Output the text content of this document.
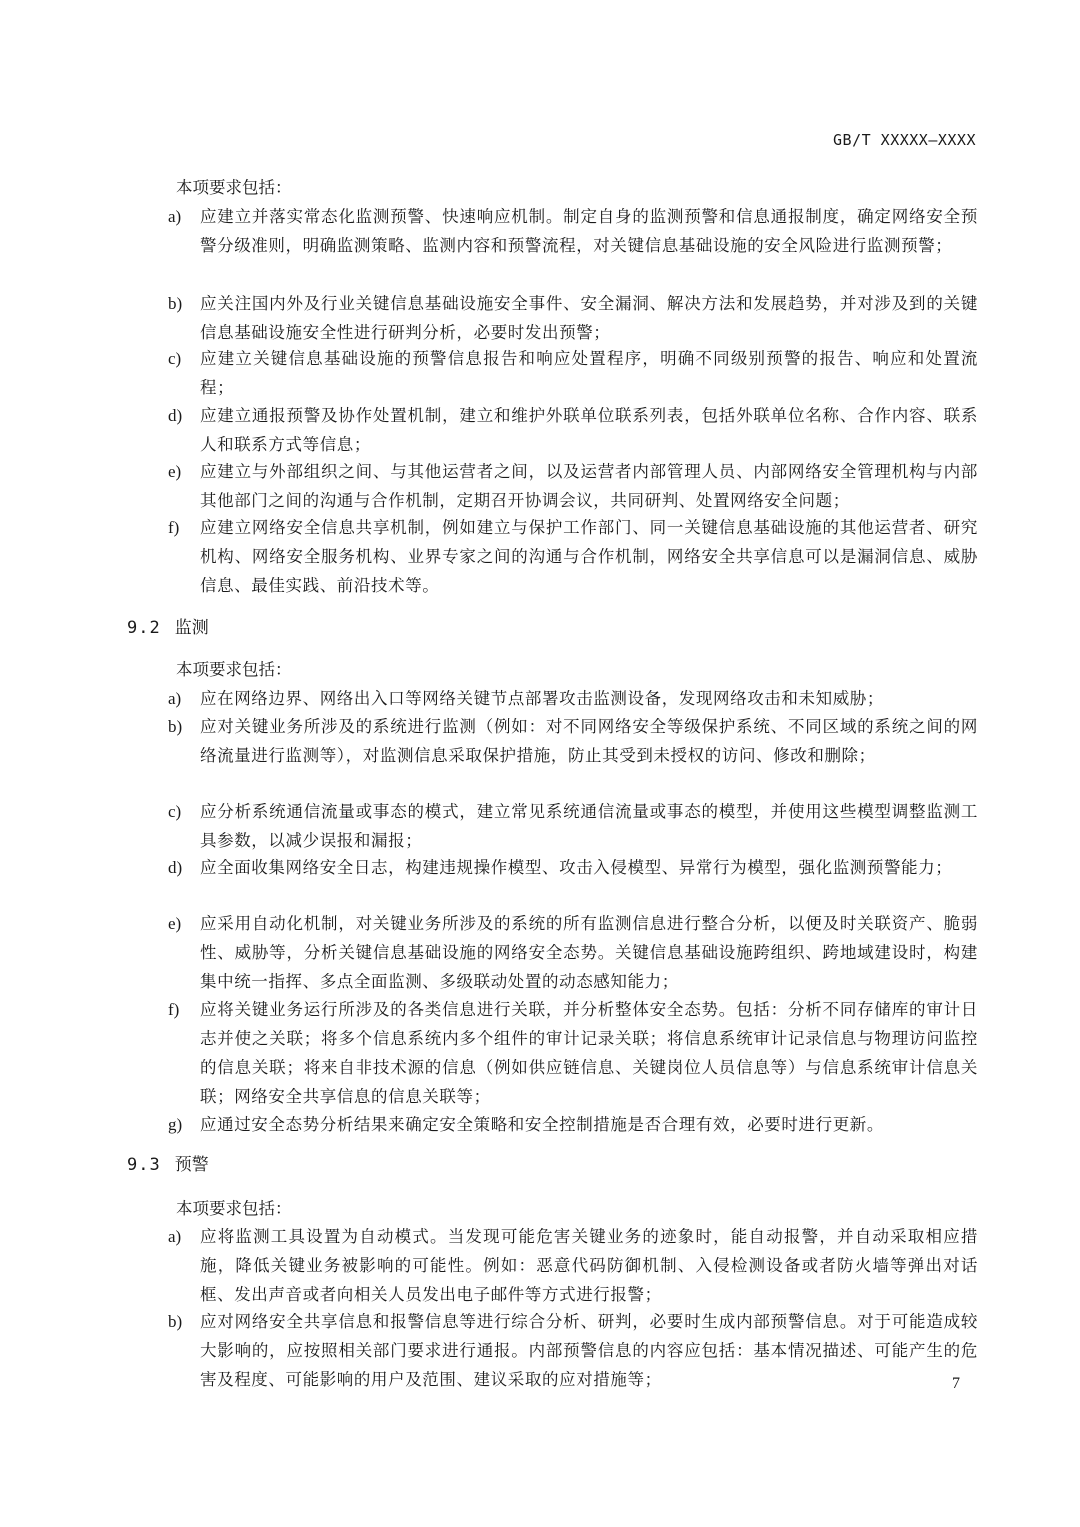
GB/T XXXXX—XXXX
本项要求包括：
a)	应建立并落实常态化监测预警、快速响应机制。制定自身的监测预警和信息通报制度，确定网络安全预警分级准则，明确监测策略、监测内容和预警流程，对关键信息基础设施的安全风险进行监测预警；
b)	应关注国内外及行业关键信息基础设施安全事件、安全漏洞、解决方法和发展趋势，并对涉及到的关键信息基础设施安全性进行研判分析，必要时发出预警；
c)	应建立关键信息基础设施的预警信息报告和响应处置程序，明确不同级别预警的报告、响应和处置流程；
d)	应建立通报预警及协作处置机制，建立和维护外联单位联系列表，包括外联单位名称、合作内容、联系人和联系方式等信息；
e)	应建立与外部组织之间、与其他运营者之间，以及运营者内部管理人员、内部网络安全管理机构与内部其他部门之间的沟通与合作机制，定期召开协调会议，共同研判、处置网络安全问题；
f)	应建立网络安全信息共享机制，例如建立与保护工作部门、同一关键信息基础设施的其他运营者、研究机构、网络安全服务机构、业界专家之间的沟通与合作机制，网络安全共享信息可以是漏洞信息、威胁信息、最佳实践、前沿技术等。
9.2 监测
本项要求包括：
a)	应在网络边界、网络出入口等网络关键节点部署攻击监测设备，发现网络攻击和未知威胁；
b)	应对关键业务所涉及的系统进行监测（例如：对不同网络安全等级保护系统、不同区域的系统之间的网络流量进行监测等），对监测信息采取保护措施，防止其受到未授权的访问、修改和删除；
c)	应分析系统通信流量或事态的模式，建立常见系统通信流量或事态的模型，并使用这些模型调整监测工具参数，以减少误报和漏报；
d)	应全面收集网络安全日志，构建违规操作模型、攻击入侵模型、异常行为模型，强化监测预警能力；
e)	应采用自动化机制，对关键业务所涉及的系统的所有监测信息进行整合分析，以便及时关联资产、脆弱性、威胁等，分析关键信息基础设施的网络安全态势。关键信息基础设施跨组织、跨地域建设时，构建集中统一指挥、多点全面监测、多级联动处置的动态感知能力；
f)	应将关键业务运行所涉及的各类信息进行关联，并分析整体安全态势。包括：分析不同存储库的审计日志并使之关联；将多个信息系统内多个组件的审计记录关联；将信息系统审计记录信息与物理访问监控的信息关联；将来自非技术源的信息（例如供应链信息、关键岗位人员信息等）与信息系统审计信息关联；网络安全共享信息的信息关联等；
g)	应通过安全态势分析结果来确定安全策略和安全控制措施是否合理有效，必要时进行更新。
9.3 预警
本项要求包括：
a)	应将监测工具设置为自动模式。当发现可能危害关键业务的迹象时，能自动报警，并自动采取相应措施，降低关键业务被影响的可能性。例如：恶意代码防御机制、入侵检测设备或者防火墙等弹出对话框、发出声音或者向相关人员发出电子邮件等方式进行报警；
b)	应对网络安全共享信息和报警信息等进行综合分析、研判，必要时生成内部预警信息。对于可能造成较大影响的，应按照相关部门要求进行通报。内部预警信息的内容应包括：基本情况描述、可能产生的危害及程度、可能影响的用户及范围、建议采取的应对措施等；	7
